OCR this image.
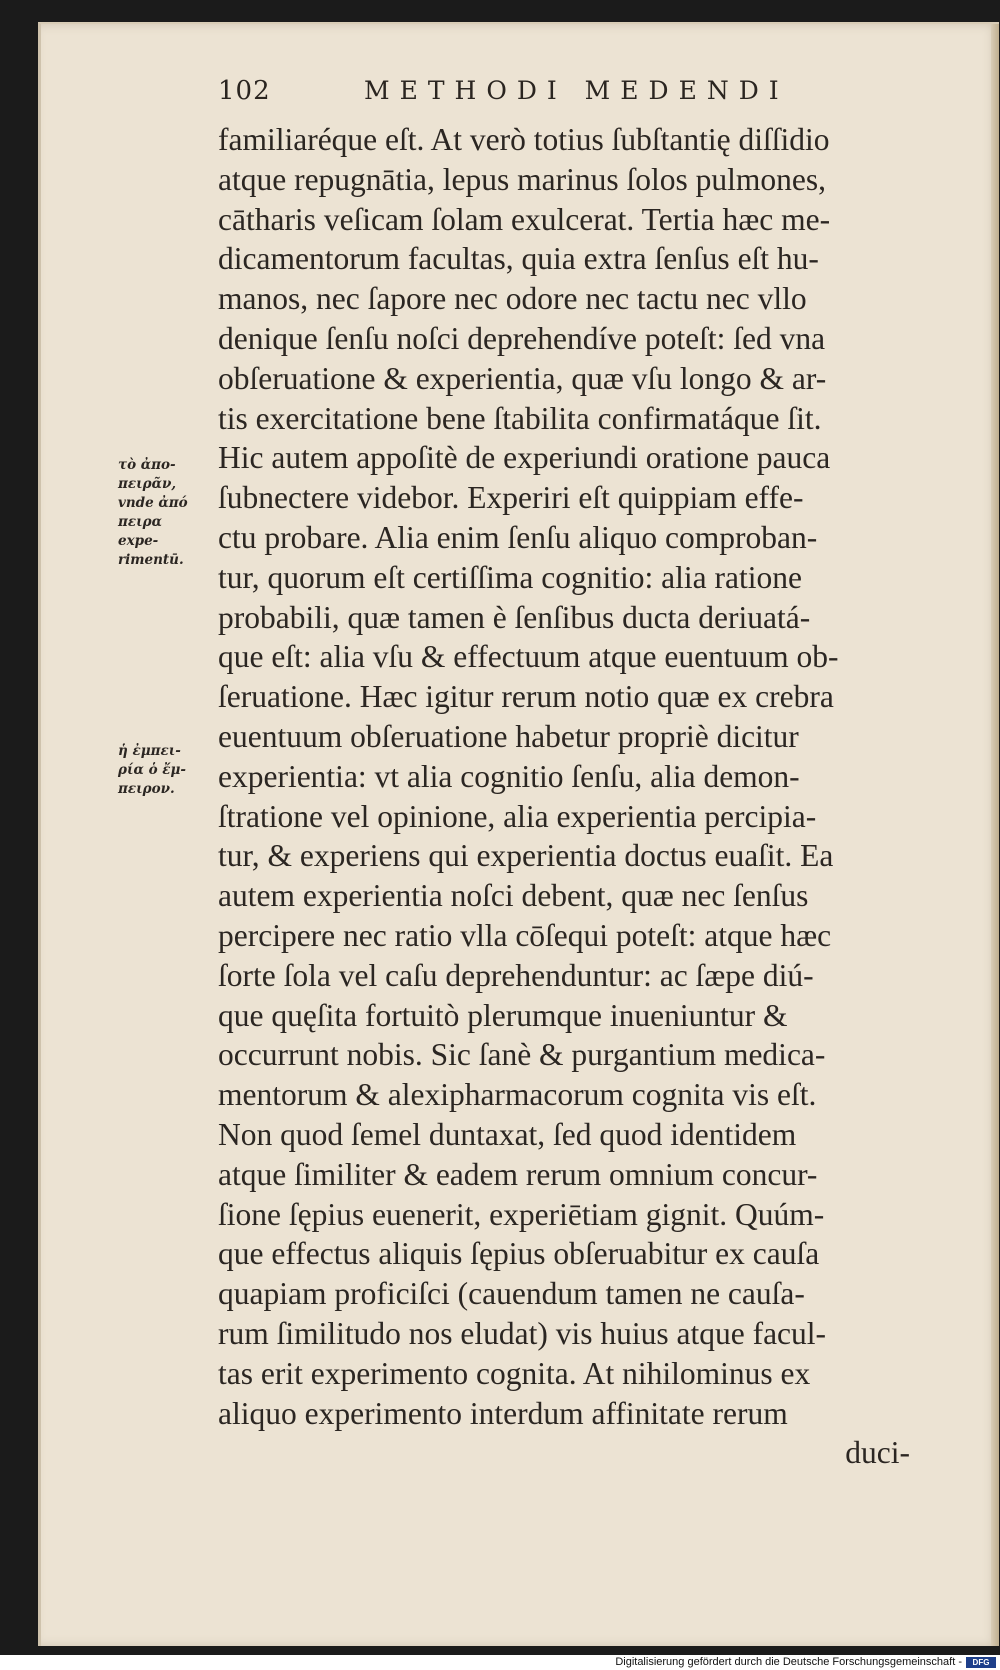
102	METHODI MEDENDI
familiaréque eſt. At verò totius ſubſtantię diſſidio
atque repugnātia, lepus marinus ſolos pulmones,
cātharis veſicam ſolam exulcerat. Tertia hæc me-
dicamentorum facultas, quia extra ſenſus eſt hu-
manos, nec ſapore nec odore nec tactu nec vllo
denique ſenſu noſci deprehendíve poteſt: ſed vna
obſeruatione & experientia, quæ vſu longo & ar-
tis exercitatione bene ſtabilita confirmatáque ſit.
Hic autem appoſitè de experiundi oratione pauca
ſubnectere videbor. Experiri eſt quippiam effe-
ctu probare. Alia enim ſenſu aliquo comproban-
tur, quorum eſt certiſſima cognitio: alia ratione
probabili, quæ tamen è ſenſibus ducta deriuatá-
que eſt: alia vſu & effectuum atque euentuum ob-
ſeruatione. Hæc igitur rerum notio quæ ex crebra
euentuum obſeruatione habetur propriè dicitur
experientia: vt alia cognitio ſenſu, alia demon-
ſtratione vel opinione, alia experientia percipia-
tur, & experiens qui experientia doctus euaſit. Ea
autem experientia noſci debent, quæ nec ſenſus
percipere nec ratio vlla cōſequi poteſt: atque hæc
ſorte ſola vel caſu deprehenduntur: ac ſæpe diú-
que quęſita fortuitò plerumque inueniuntur &
occurrunt nobis. Sic ſanè & purgantium medica-
mentorum & alexipharmacorum cognita vis eſt.
Non quod ſemel duntaxat, ſed quod identidem
atque ſimiliter & eadem rerum omnium concur-
ſione ſępius euenerit, experiētiam gignit. Quúm-
que effectus aliquis ſępius obſeruabitur ex cauſa
quapiam proficiſci (cauendum tamen ne cauſa-
rum ſimilitudo nos eludat) vis huius atque facul-
tas erit experimento cognita. At nihilominus ex
aliquo experimento interdum affinitate rerum
duci-
τὸ ἀπο-
πειρᾶν,
vnde ἀπό
πειρα
expe-
rimentū.
ἡ ἐμπει-
ρία ὁ ἔμ-
πειρον.
Digitalisierung gefördert durch die Deutsche Forschungsgemeinschaft -	DFG
